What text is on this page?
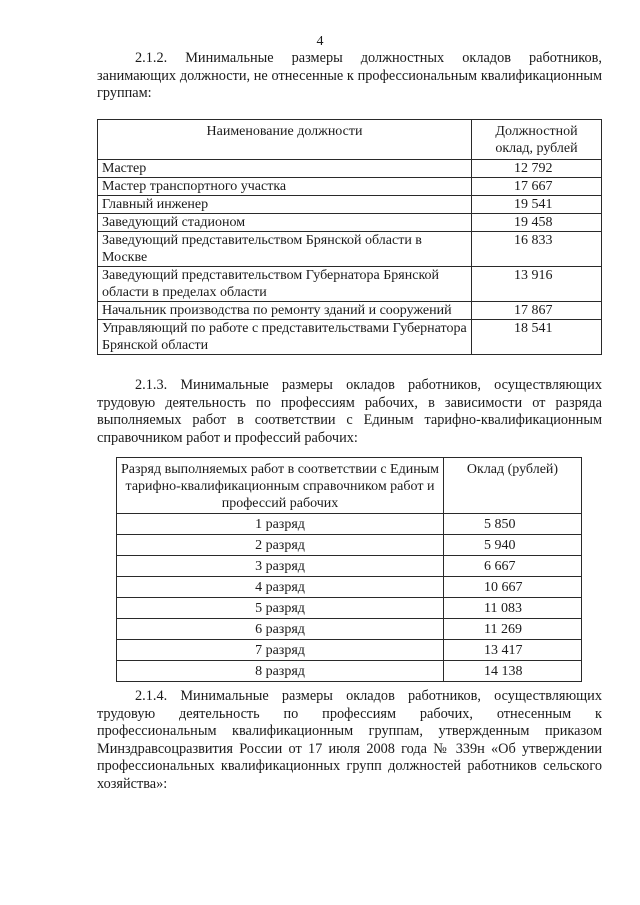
4

2.1.2. Минимальные размеры должностных окладов работников, занимающих должности, не отнесенные к профессиональным квалификационным группам:

Наименование должности	Должностной оклад, рублей
Мастер	12 792
Мастер транспортного участка	17 667
Главный инженер	19 541
Заведующий стадионом	19 458
Заведующий представительством Брянской области в Москве	16 833
Заведующий представительством Губернатора Брянской области в пределах области	13 916
Начальник производства по ремонту зданий и сооружений	17 867
Управляющий по работе с представительствами Губернатора Брянской области	18 541

2.1.3. Минимальные размеры окладов работников, осуществляющих трудовую деятельность по профессиям рабочих, в зависимости от разряда выполняемых работ в соответствии с Единым тарифно-квалификационным справочником работ и профессий рабочих:

Разряд выполняемых работ в соответствии с Единым тарифно-квалификационным справочником работ и профессий рабочих	Оклад (рублей)
1 разряд	5 850
2 разряд	5 940
3 разряд	6 667
4 разряд	10 667
5 разряд	11 083
6 разряд	11 269
7 разряд	13 417
8 разряд	14 138

2.1.4. Минимальные размеры окладов работников, осуществляющих трудовую деятельность по профессиям рабочих, отнесенным к профессиональным квалификационным группам, утвержденным приказом Минздравсоцразвития России от 17 июля 2008 года № 339н «Об утверждении профессиональных квалификационных групп должностей работников сельского хозяйства»:
